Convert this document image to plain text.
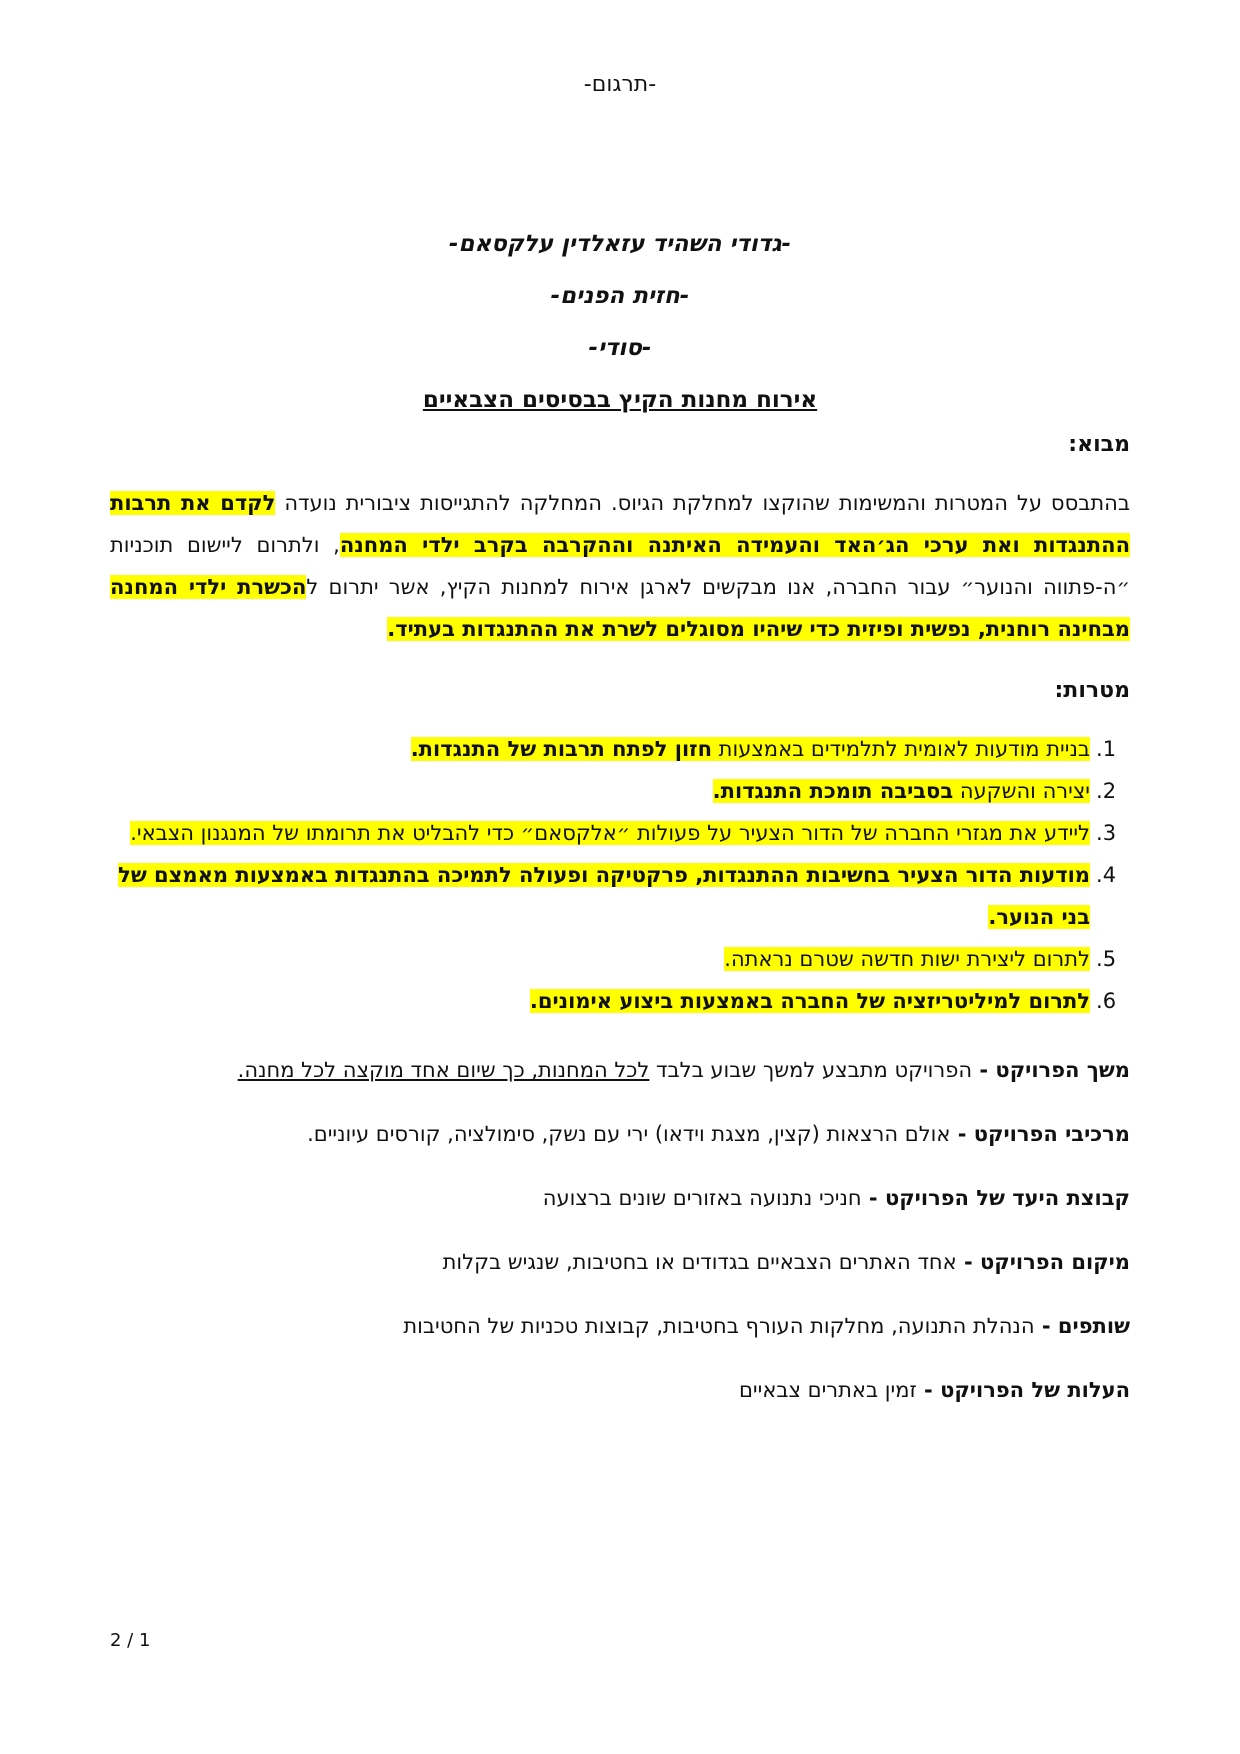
-תרגום-
-גדודי השהיד עזאלדין עלקסאם-
-חזית הפנים-
-סודי-
אירוח מחנות הקיץ בבסיסים הצבאיים
מבוא:

בהתבסס על המטרות והמשימות שהוקצו למחלקת הגיוס. המחלקה להתגייסות ציבורית נועדה לקדם את תרבות ההתנגדות ואת ערכי הג׳האד והעמידה האיתנה וההקרבה בקרב ילדי המחנה, ולתרום ליישום תוכניות ״ה-פתווה והנוער״ עבור החברה, אנו מבקשים לארגן אירוח למחנות הקיץ, אשר יתרום להכשרת ילדי המחנה מבחינה רוחנית, נפשית ופיזית כדי שיהיו מסוגלים לשרת את ההתנגדות בעתיד.

מטרות:
1.
בניית מודעות לאומית לתלמידים באמצעות חזון לפתח תרבות של התנגדות.
2.
יצירה והשקעה בסביבה תומכת התנגדות.
3.
ליידע את מגזרי החברה של הדור הצעיר על פעולות ״אלקסאם״ כדי להבליט את תרומתו של המנגנון הצבאי.
4.
מודעות הדור הצעיר בחשיבות ההתנגדות, פרקטיקה ופעולה לתמיכה בהתנגדות באמצעות מאמצם של בני הנוער.
5.
לתרום ליצירת ישות חדשה שטרם נראתה.
6.
לתרום למיליטריזציה של החברה באמצעות ביצוע אימונים.
משך הפרויקט - הפרויקט מתבצע למשך שבוע בלבד לכל המחנות, כך שיום אחד מוקצה לכל מחנה.
מרכיבי הפרויקט - אולם הרצאות (קצין, מצגת וידאו) ירי עם נשק, סימולציה, קורסים עיוניים.
קבוצת היעד של הפרויקט - חניכי נתנועה באזורים שונים ברצועה
מיקום הפרויקט - אחד האתרים הצבאיים בגדודים או בחטיבות, שנגיש בקלות
שותפים - הנהלת התנועה, מחלקות העורף בחטיבות, קבוצות טכניות של החטיבות
העלות של הפרויקט - זמין באתרים צבאיים
2 / 1
